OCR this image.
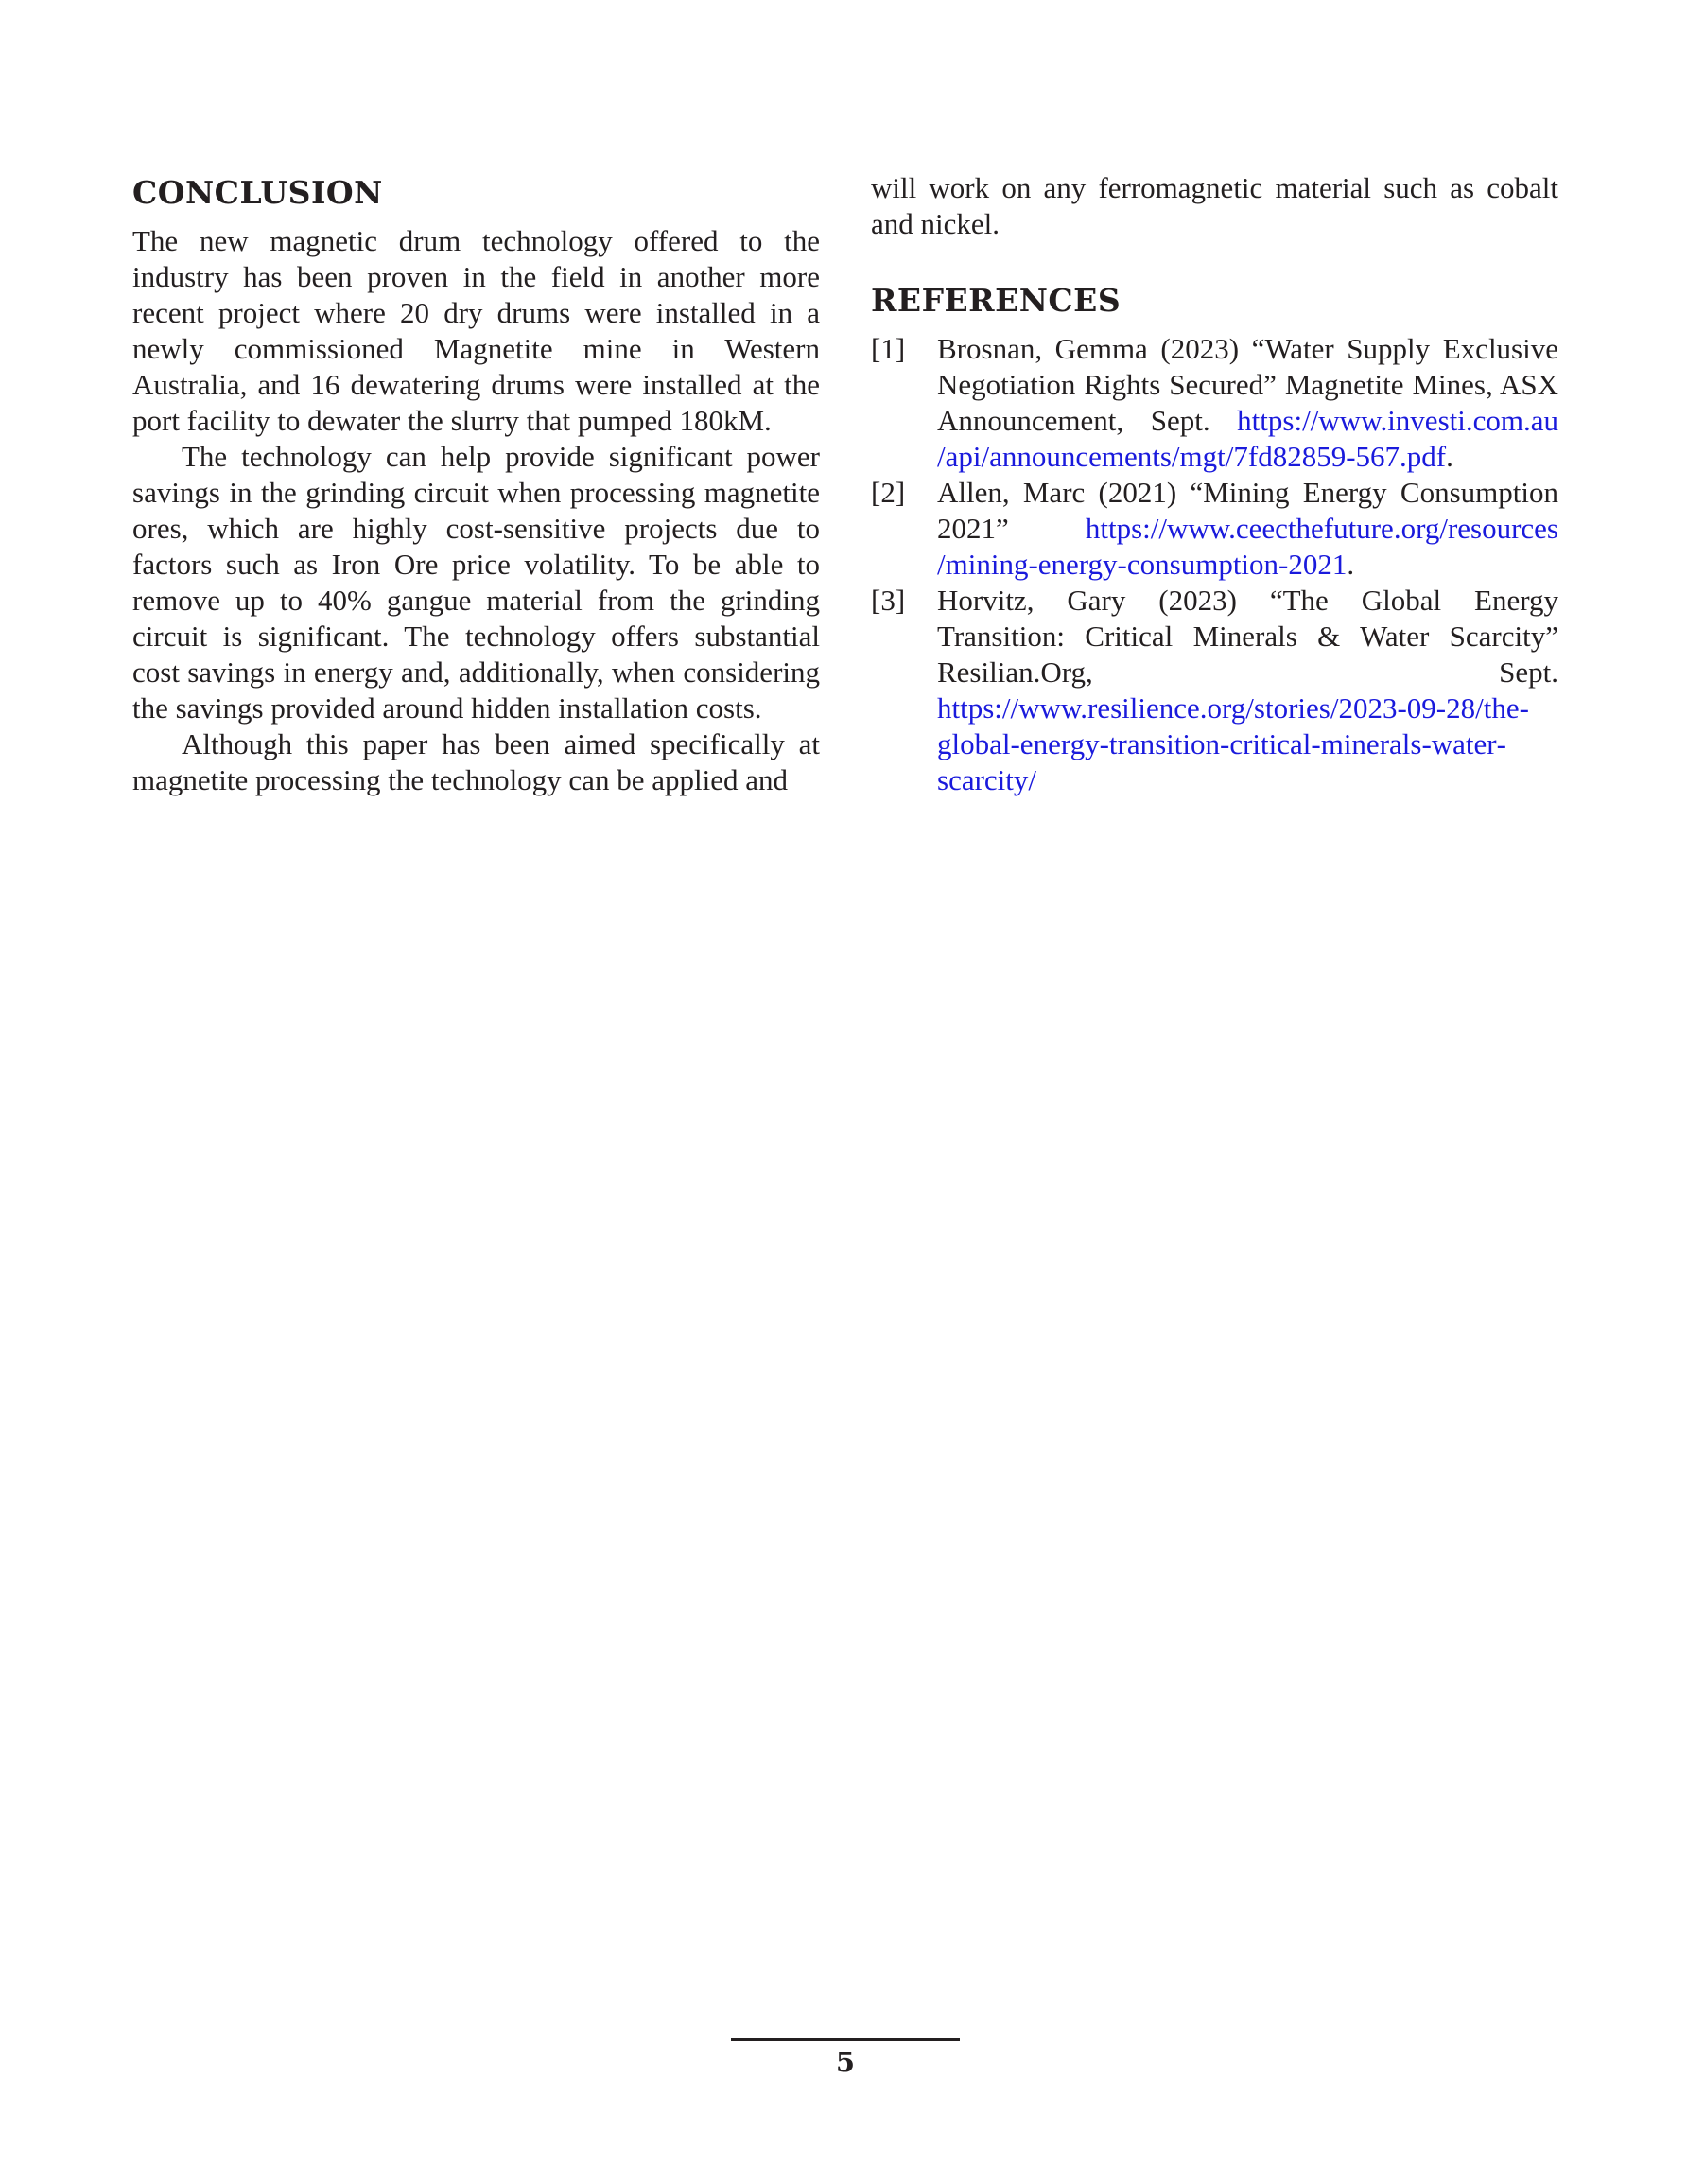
CONCLUSION

The new magnetic drum technology offered to the industry has been proven in the field in another more recent project where 20 dry drums were installed in a newly commissioned Magnetite mine in Western Australia, and 16 dewatering drums were installed at the port facility to dewater the slurry that pumped 180kM.

The technology can help provide significant power savings in the grinding circuit when processing magnetite ores, which are highly cost-sensitive projects due to factors such as Iron Ore price volatility. To be able to remove up to 40% gangue material from the grinding circuit is significant. The technology offers substantial cost savings in energy and, additionally, when considering the savings provided around hidden installation costs.

Although this paper has been aimed specifically at magnetite processing the technology can be applied and

will work on any ferromagnetic material such as cobalt and nickel.

REFERENCES
[1]	Brosnan, Gemma (2023) “Water Supply Exclusive Negotiation Rights Secured” Magnetite Mines, ASX Announcement, Sept. https://www.investi.com.au/api/announcements/mgt/7fd82859-567.pdf.
[2]	Allen, Marc (2021) “Mining Energy Consumption 2021” https://www.ceecthefuture.org/resources/mining-energy-consumption-2021.
[3]	Horvitz, Gary (2023) “The Global Energy Transition: Critical Minerals & Water Scarcity” Resilian.Org, Sept. https://www.resilience.org/stories/2023-09-28/the-global-energy-transition-critical-minerals-water-scarcity/
5
